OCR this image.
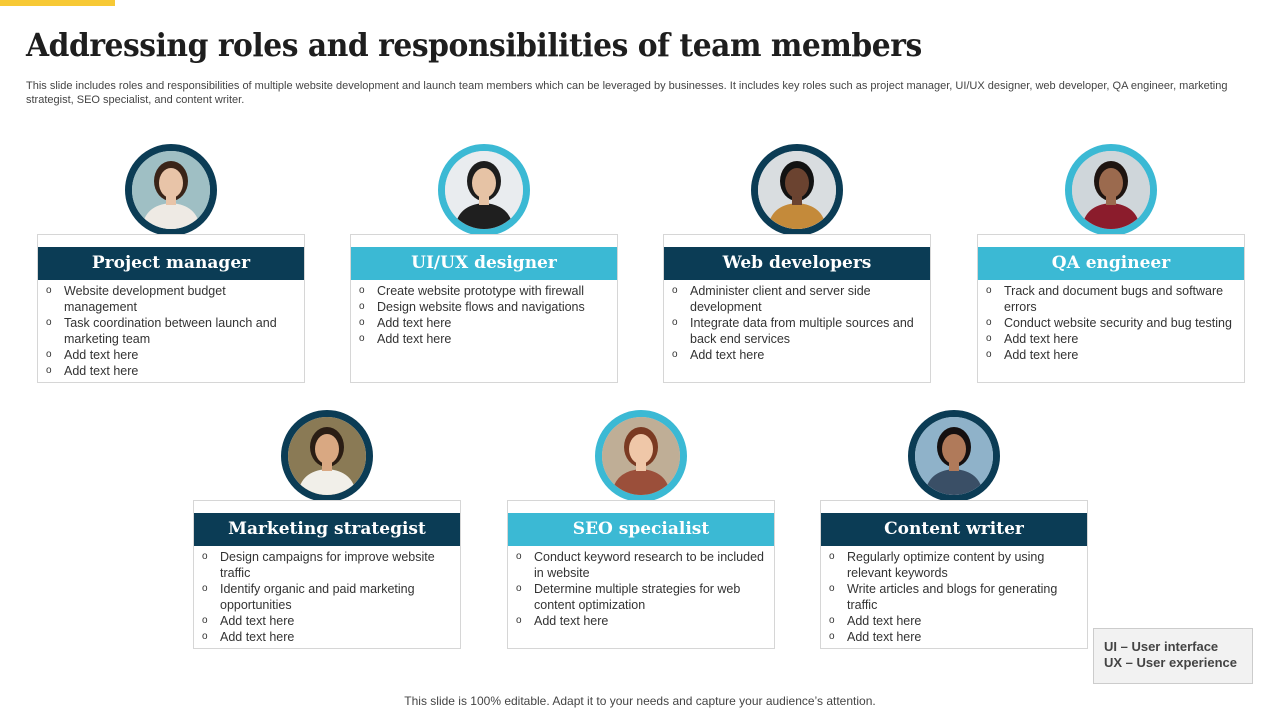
Addressing roles and responsibilities of team members
This slide includes roles and responsibilities of multiple website development and launch team members which can be leveraged by businesses. It includes key roles such as project manager, UI/UX designer, web developer, QA engineer, marketing strategist, SEO specialist, and content writer.
Project manager
o Website development budget management
o Task coordination between launch and marketing team
o Add text here
o Add text here
UI/UX designer
o Create website prototype with firewall
o Design website flows and navigations
o Add text here
o Add text here
Web developers
o Administer client and server side development
o Integrate data from multiple sources and back end services
o Add text here
QA engineer
o Track and document bugs and software errors
o Conduct website security and bug testing
o Add text here
o Add text here
Marketing strategist
o Design campaigns for improve website traffic
o Identify organic and paid marketing opportunities
o Add text here
o Add text here
SEO specialist
o Conduct keyword research to be included in website
o Determine multiple strategies for web content optimization
o Add text here
Content writer
o Regularly optimize content by using relevant keywords
o Write articles and blogs for generating traffic
o Add text here
o Add text here
UI – User interface
UX – User experience
This slide is 100% editable. Adapt it to your needs and capture your audience’s attention.
